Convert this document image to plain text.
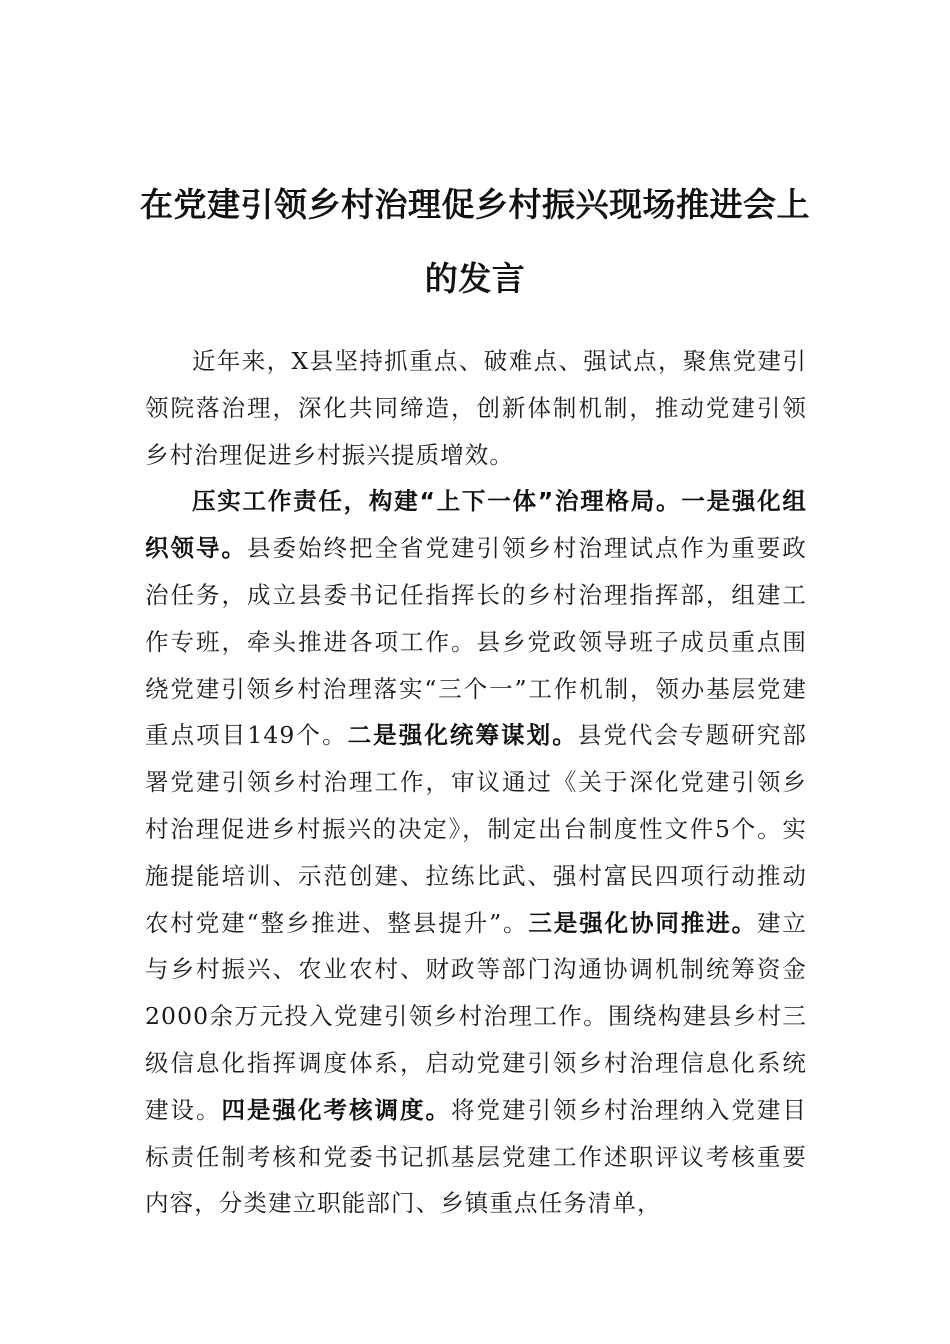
在党建引领乡村治理促乡村振兴现场推进会上的发言

近年来，X县坚持抓重点、破难点、强试点，聚焦党建引领院落治理，深化共同缔造，创新体制机制，推动党建引领乡村治理促进乡村振兴提质增效。

压实工作责任，构建“上下一体”治理格局。一是强化组织领导。县委始终把全省党建引领乡村治理试点作为重要政治任务，成立县委书记任指挥长的乡村治理指挥部，组建工作专班，牵头推进各项工作。县乡党政领导班子成员重点围绕党建引领乡村治理落实“三个一”工作机制，领办基层党建重点项目149个。二是强化统筹谋划。县党代会专题研究部署党建引领乡村治理工作，审议通过《关于深化党建引领乡村治理促进乡村振兴的决定》，制定出台制度性文件5个。实施提能培训、示范创建、拉练比武、强村富民四项行动推动农村党建“整乡推进、整县提升”。三是强化协同推进。建立与乡村振兴、农业农村、财政等部门沟通协调机制统筹资金2000余万元投入党建引领乡村治理工作。围绕构建县乡村三级信息化指挥调度体系，启动党建引领乡村治理信息化系统建设。四是强化考核调度。将党建引领乡村治理纳入党建目标责任制考核和党委书记抓基层党建工作述职评议考核重要内容，分类建立职能部门、乡镇重点任务清单，
